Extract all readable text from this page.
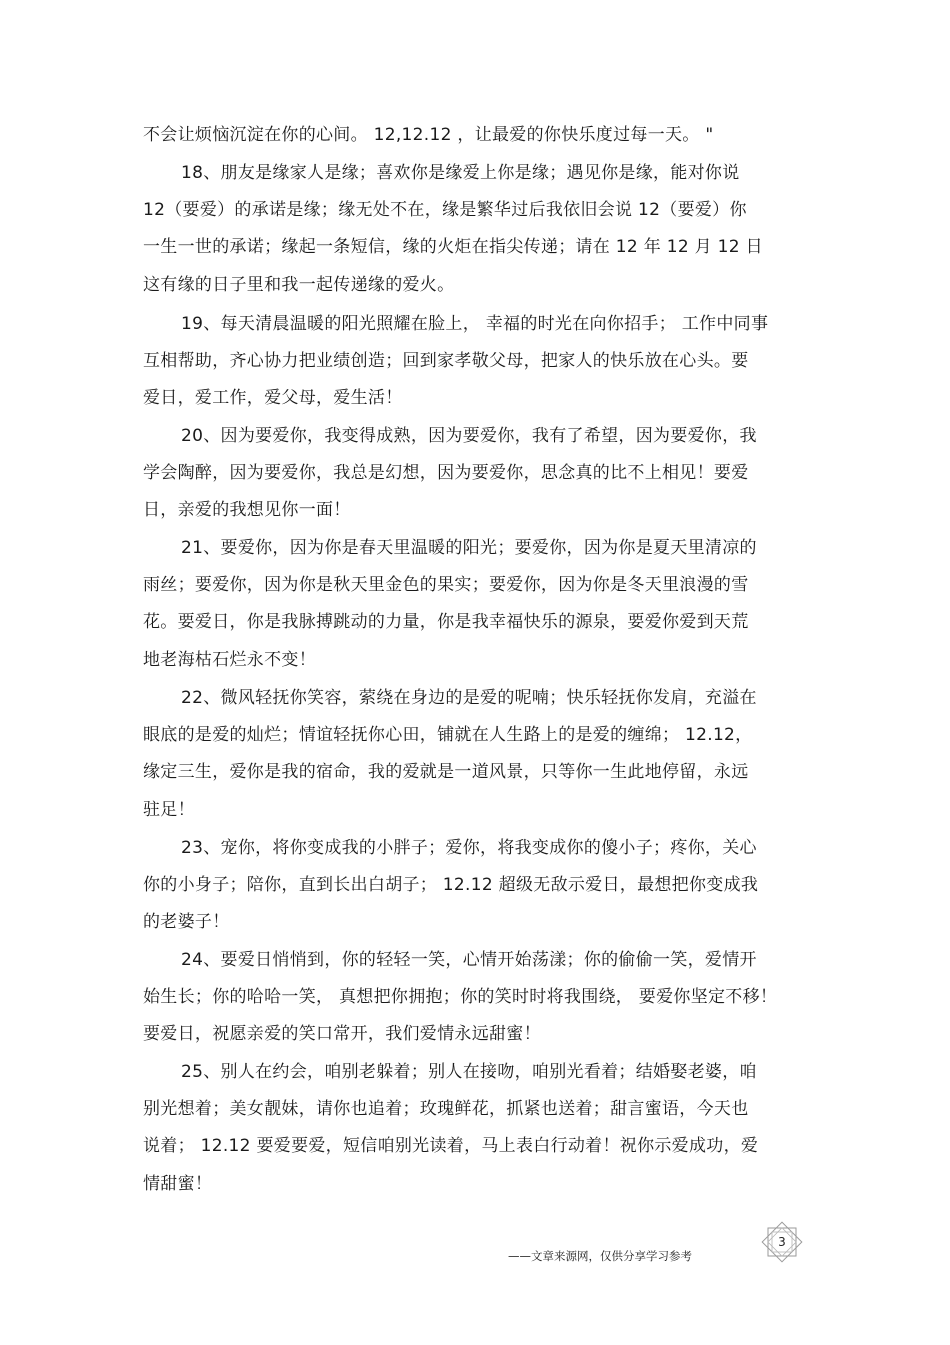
不会让烦恼沉淀在你的心间。 12,12.12 ，让最爱的你快乐度过每一天。 "
18、朋友是缘家人是缘；喜欢你是缘爱上你是缘；遇见你是缘，能对你说
12（要爱）的承诺是缘；缘无处不在，缘是繁华过后我依旧会说 12（要爱）你
一生一世的承诺；缘起一条短信，缘的火炬在指尖传递；请在 12 年 12 月 12 日
这有缘的日子里和我一起传递缘的爱火。
19、每天清晨温暖的阳光照耀在脸上， 幸福的时光在向你招手； 工作中同事
互相帮助，齐心协力把业绩创造；回到家孝敬父母，把家人的快乐放在心头。要
爱日，爱工作，爱父母，爱生活！
20、因为要爱你，我变得成熟，因为要爱你，我有了希望，因为要爱你，我
学会陶醉，因为要爱你，我总是幻想，因为要爱你，思念真的比不上相见！要爱
日，亲爱的我想见你一面！
21、要爱你，因为你是春天里温暖的阳光；要爱你，因为你是夏天里清凉的
雨丝；要爱你，因为你是秋天里金色的果实；要爱你，因为你是冬天里浪漫的雪
花。要爱日，你是我脉搏跳动的力量，你是我幸福快乐的源泉，要爱你爱到天荒
地老海枯石烂永不变！
22、微风轻抚你笑容，萦绕在身边的是爱的呢喃；快乐轻抚你发肩，充溢在
眼底的是爱的灿烂；情谊轻抚你心田，铺就在人生路上的是爱的缠绵； 12.12，
缘定三生，爱你是我的宿命，我的爱就是一道风景，只等你一生此地停留，永远
驻足！
23、宠你，将你变成我的小胖子；爱你，将我变成你的傻小子；疼你，关心
你的小身子；陪你，直到长出白胡子； 12.12 超级无敌示爱日，最想把你变成我
的老婆子！
24、要爱日悄悄到，你的轻轻一笑，心情开始荡漾；你的偷偷一笑，爱情开
始生长；你的哈哈一笑， 真想把你拥抱；你的笑时时将我围绕， 要爱你坚定不移！
要爱日，祝愿亲爱的笑口常开，我们爱情永远甜蜜！
25、别人在约会，咱别老躲着；别人在接吻，咱别光看着；结婚娶老婆，咱
别光想着；美女靓妹，请你也追着；玫瑰鲜花，抓紧也送着；甜言蜜语，今天也
说着； 12.12 要爱要爱，短信咱别光读着，马上表白行动着！祝你示爱成功，爱
情甜蜜！
3
——文章来源网，仅供分享学习参考
